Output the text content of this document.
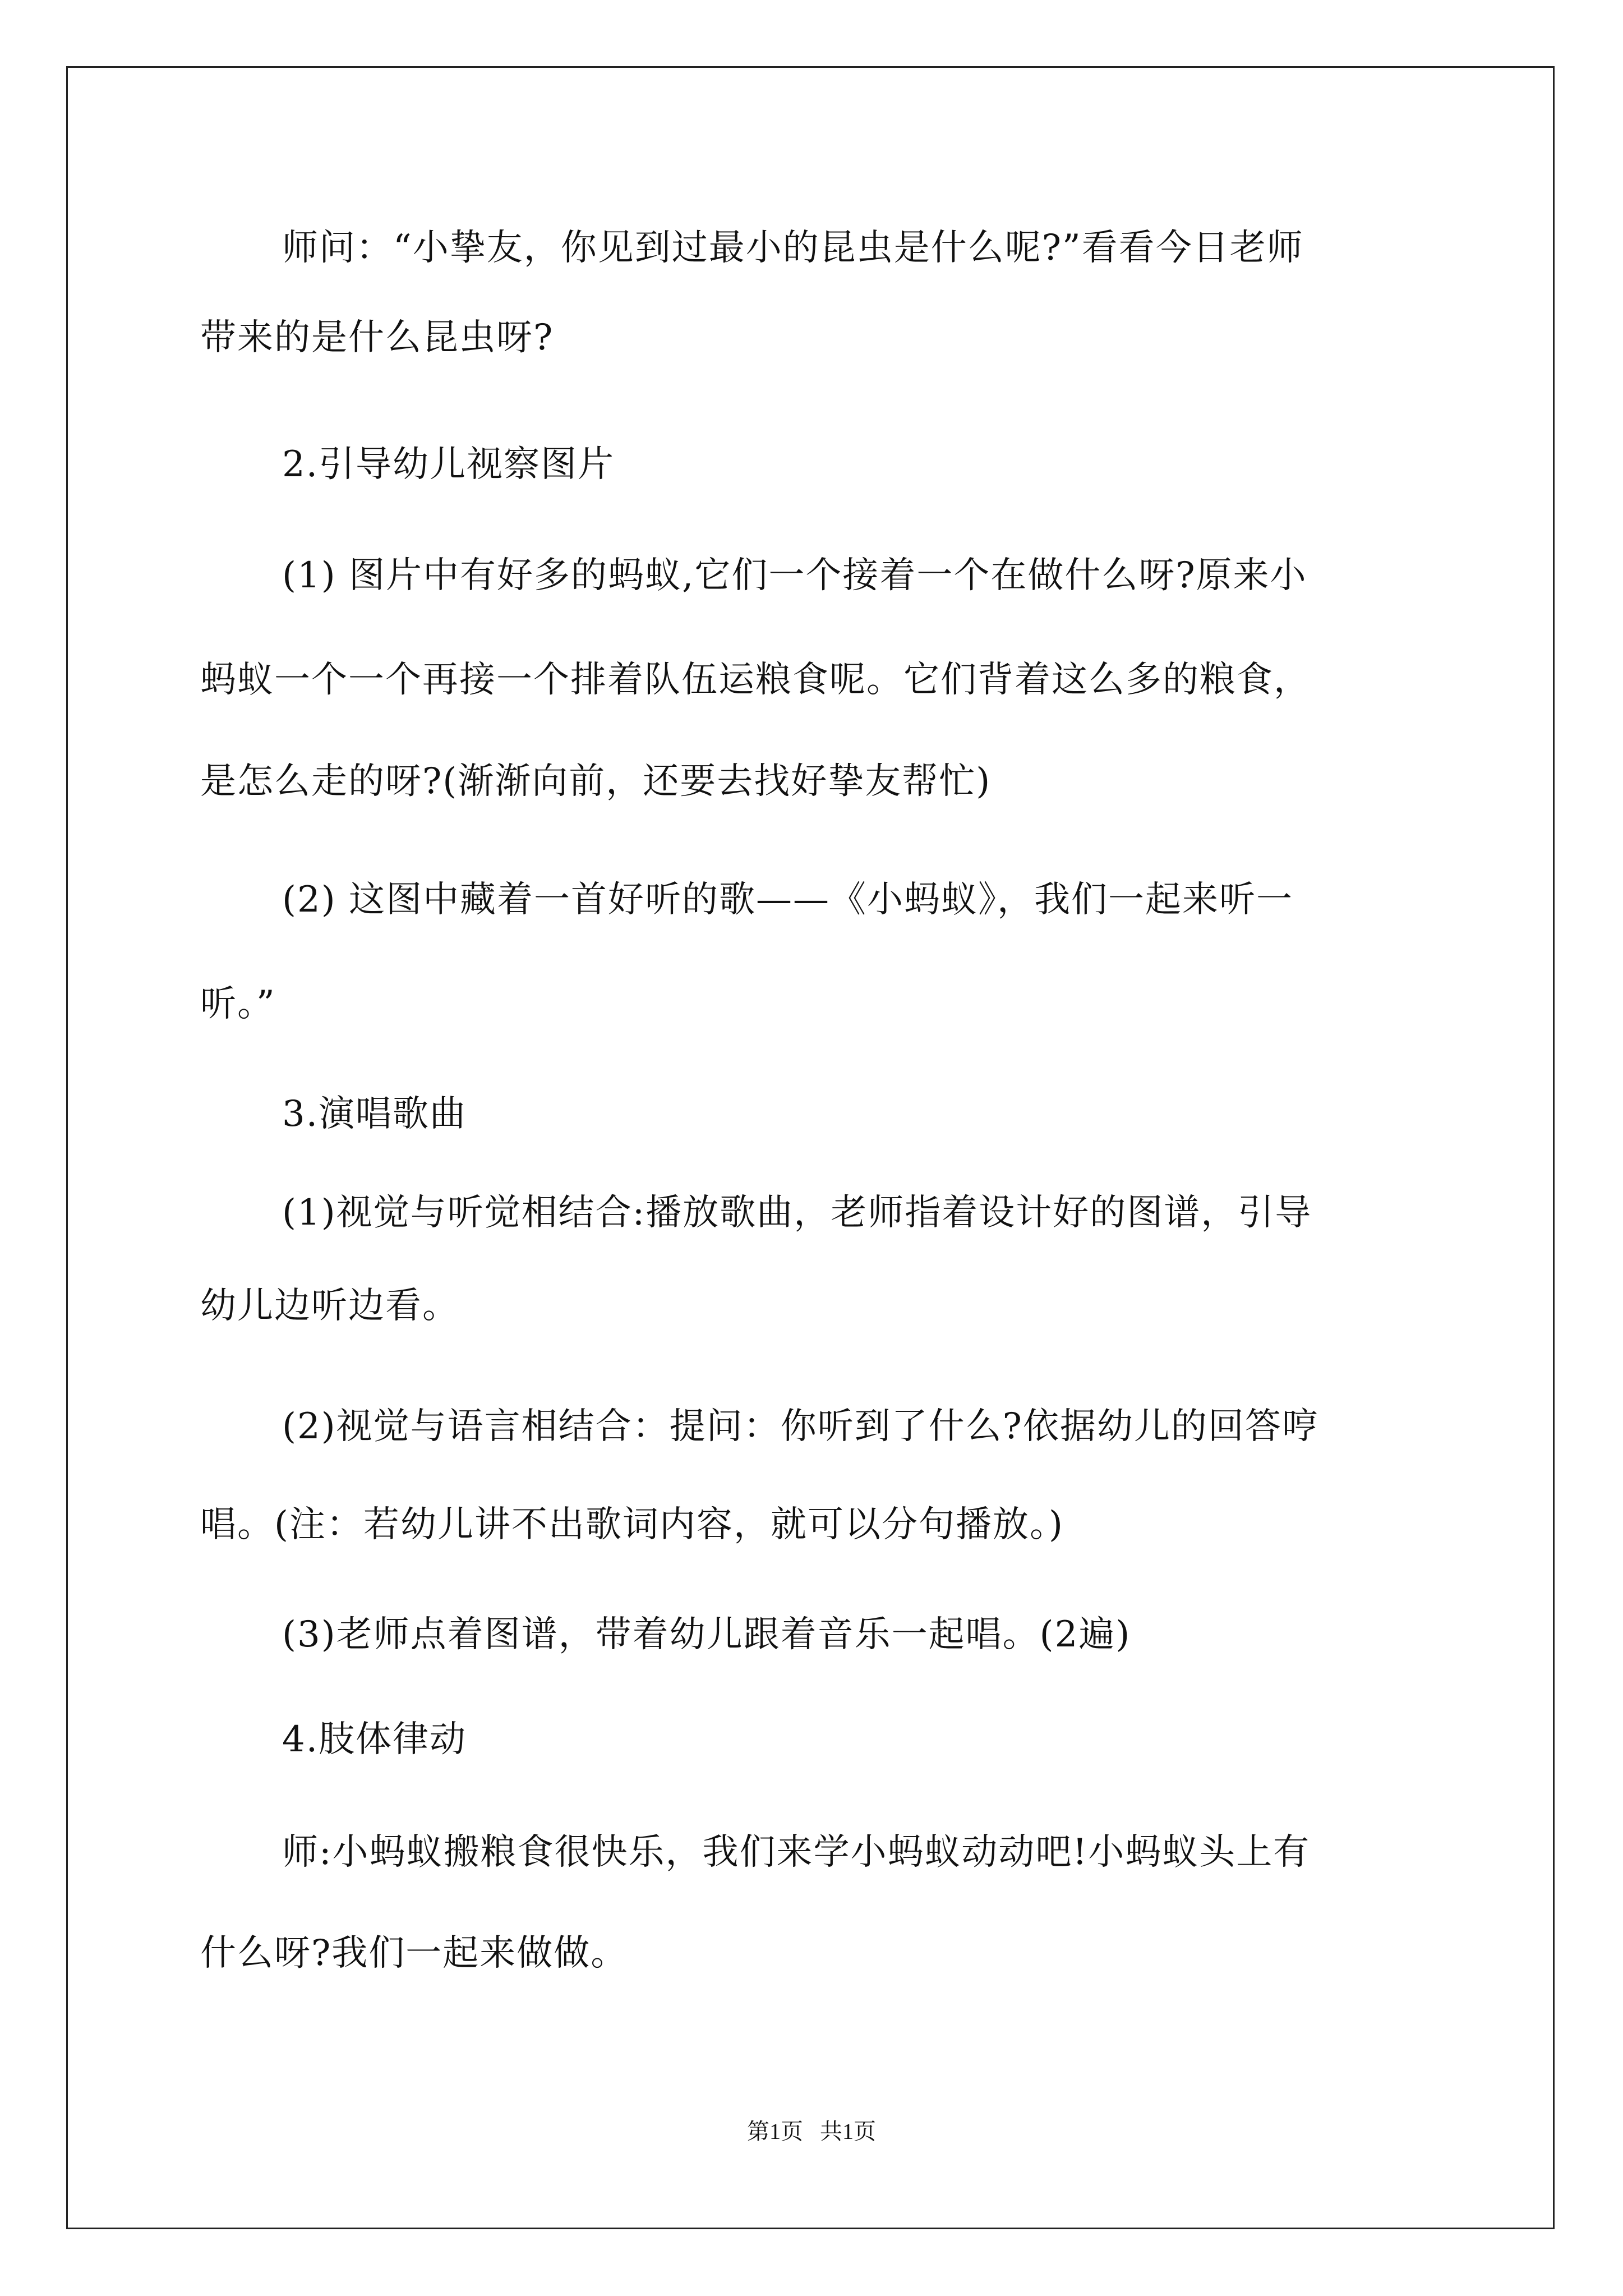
师问：“小挚友，你见到过最小的昆虫是什么呢?”看看今日老师
带来的是什么昆虫呀?
2.引导幼儿视察图片
(1) 图片中有好多的蚂蚁,它们一个接着一个在做什么呀?原来小
蚂蚁一个一个再接一个排着队伍运粮食呢。它们背着这么多的粮食，
是怎么走的呀?(渐渐向前，还要去找好挚友帮忙)
(2) 这图中藏着一首好听的歌——《小蚂蚁》，我们一起来听一
听。”
3.演唱歌曲
(1)视觉与听觉相结合:播放歌曲，老师指着设计好的图谱，引导
幼儿边听边看。
(2)视觉与语言相结合：提问：你听到了什么?依据幼儿的回答哼
唱。(注：若幼儿讲不出歌词内容，就可以分句播放。)
(3)老师点着图谱，带着幼儿跟着音乐一起唱。(2遍)
4.肢体律动
师:小蚂蚁搬粮食很快乐，我们来学小蚂蚁动动吧!小蚂蚁头上有
什么呀?我们一起来做做。
第1页   共1页
